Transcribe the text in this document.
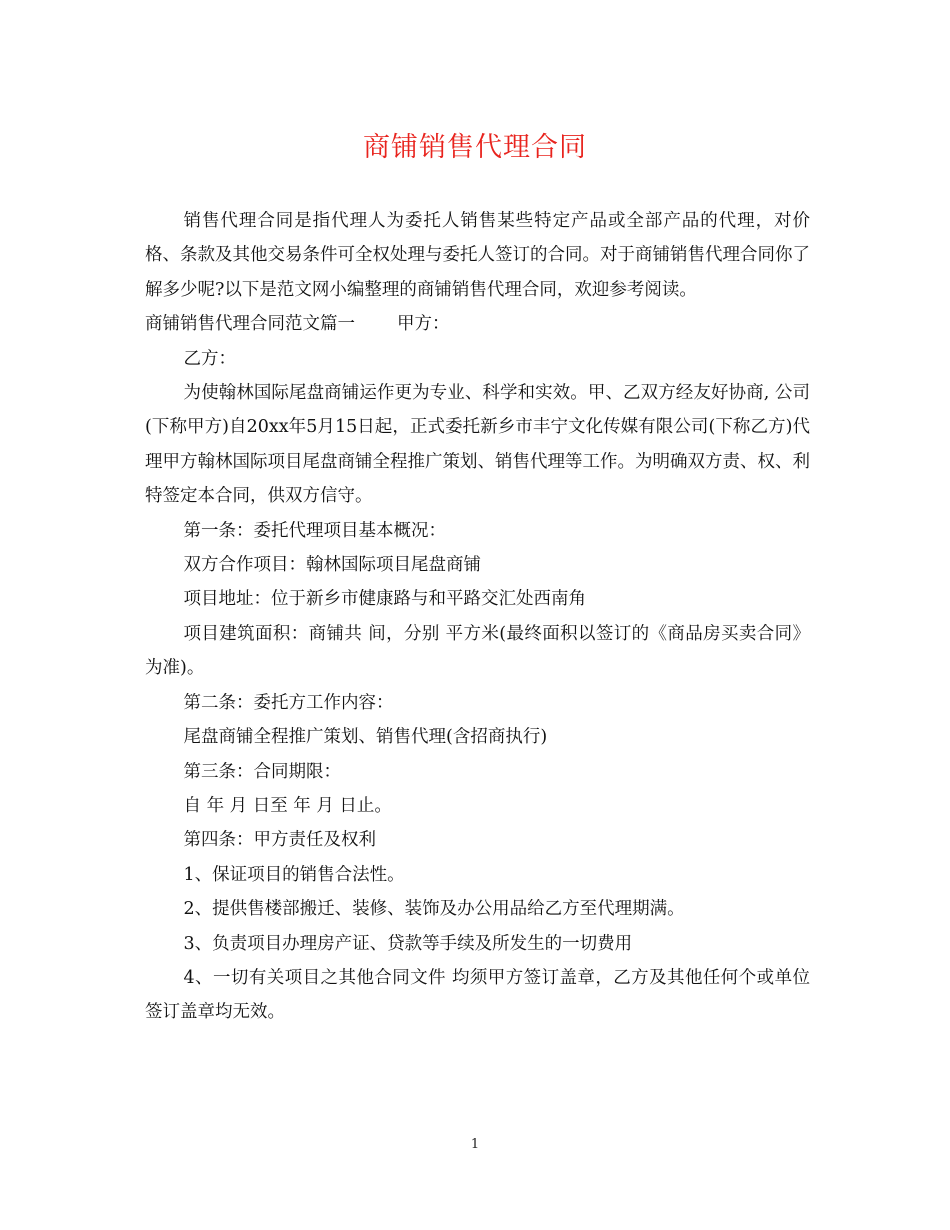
商铺销售代理合同

销售代理合同是指代理人为委托人销售某些特定产品或全部产品的代理，对价格、条款及其他交易条件可全权处理与委托人签订的合同。对于商铺销售代理合同你了解多少呢?以下是范文网小编整理的商铺销售代理合同，欢迎参考阅读。

商铺销售代理合同范文篇一 甲方：

乙方：

为使翰林国际尾盘商铺运作更为专业、科学和实效。甲、乙双方经友好协商, 公司(下称甲方)自20xx年5月15日起，正式委托新乡市丰宁文化传媒有限公司(下称乙方)代理甲方翰林国际项目尾盘商铺全程推广策划、销售代理等工作。为明确双方责、权、利特签定本合同，供双方信守。

第一条：委托代理项目基本概况：

双方合作项目：翰林国际项目尾盘商铺

项目地址：位于新乡市健康路与和平路交汇处西南角

项目建筑面积：商铺共 间，分别 平方米(最终面积以签订的《商品房买卖合同》为准)。

第二条：委托方工作内容：

尾盘商铺全程推广策划、销售代理(含招商执行)

第三条：合同期限：

自 年 月 日至 年 月 日止。

第四条：甲方责任及权利

1、保证项目的销售合法性。

2、提供售楼部搬迁、装修、装饰及办公用品给乙方至代理期满。

3、负责项目办理房产证、贷款等手续及所发生的一切费用

4、一切有关项目之其他合同文件 均须甲方签订盖章，乙方及其他任何个或单位签订盖章均无效。

1
